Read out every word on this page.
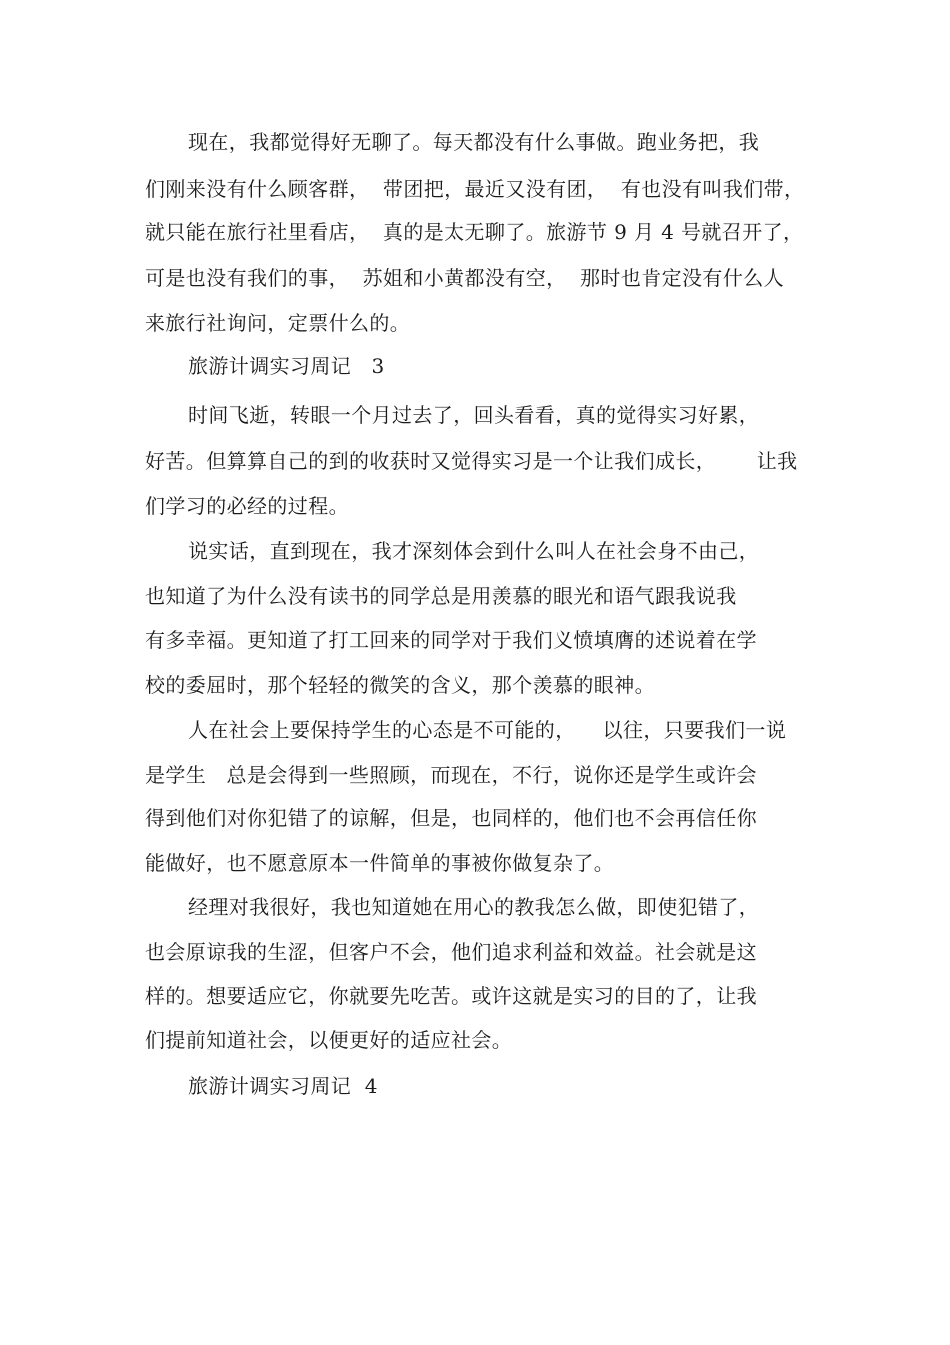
现在，我都觉得好无聊了。每天都没有什么事做。跑业务把，我
们刚来没有什么顾客群，  带团把，最近又没有团，  有也没有叫我们带，
就只能在旅行社里看店，  真的是太无聊了。旅游节 9 月 4 号就召开了，
可是也没有我们的事，  苏姐和小黄都没有空，  那时也肯定没有什么人
来旅行社询问，定票什么的。
旅游计调实习周记   3
时间飞逝，转眼一个月过去了，回头看看，真的觉得实习好累，
好苦。但算算自己的到的收获时又觉得实习是一个让我们成长，      让我
们学习的必经的过程。
说实话，直到现在，我才深刻体会到什么叫人在社会身不由己，
也知道了为什么没有读书的同学总是用羡慕的眼光和语气跟我说我
有多幸福。更知道了打工回来的同学对于我们义愤填膺的述说着在学
校的委屈时，那个轻轻的微笑的含义，那个羡慕的眼神。
人在社会上要保持学生的心态是不可能的，    以往，只要我们一说
是学生   总是会得到一些照顾，而现在，不行，说你还是学生或许会
得到他们对你犯错了的谅解，但是，也同样的，他们也不会再信任你
能做好，也不愿意原本一件简单的事被你做复杂了。
经理对我很好，我也知道她在用心的教我怎么做，即使犯错了，
也会原谅我的生涩，但客户不会，他们追求利益和效益。社会就是这
样的。想要适应它，你就要先吃苦。或许这就是实习的目的了，让我
们提前知道社会，以便更好的适应社会。
旅游计调实习周记  4
